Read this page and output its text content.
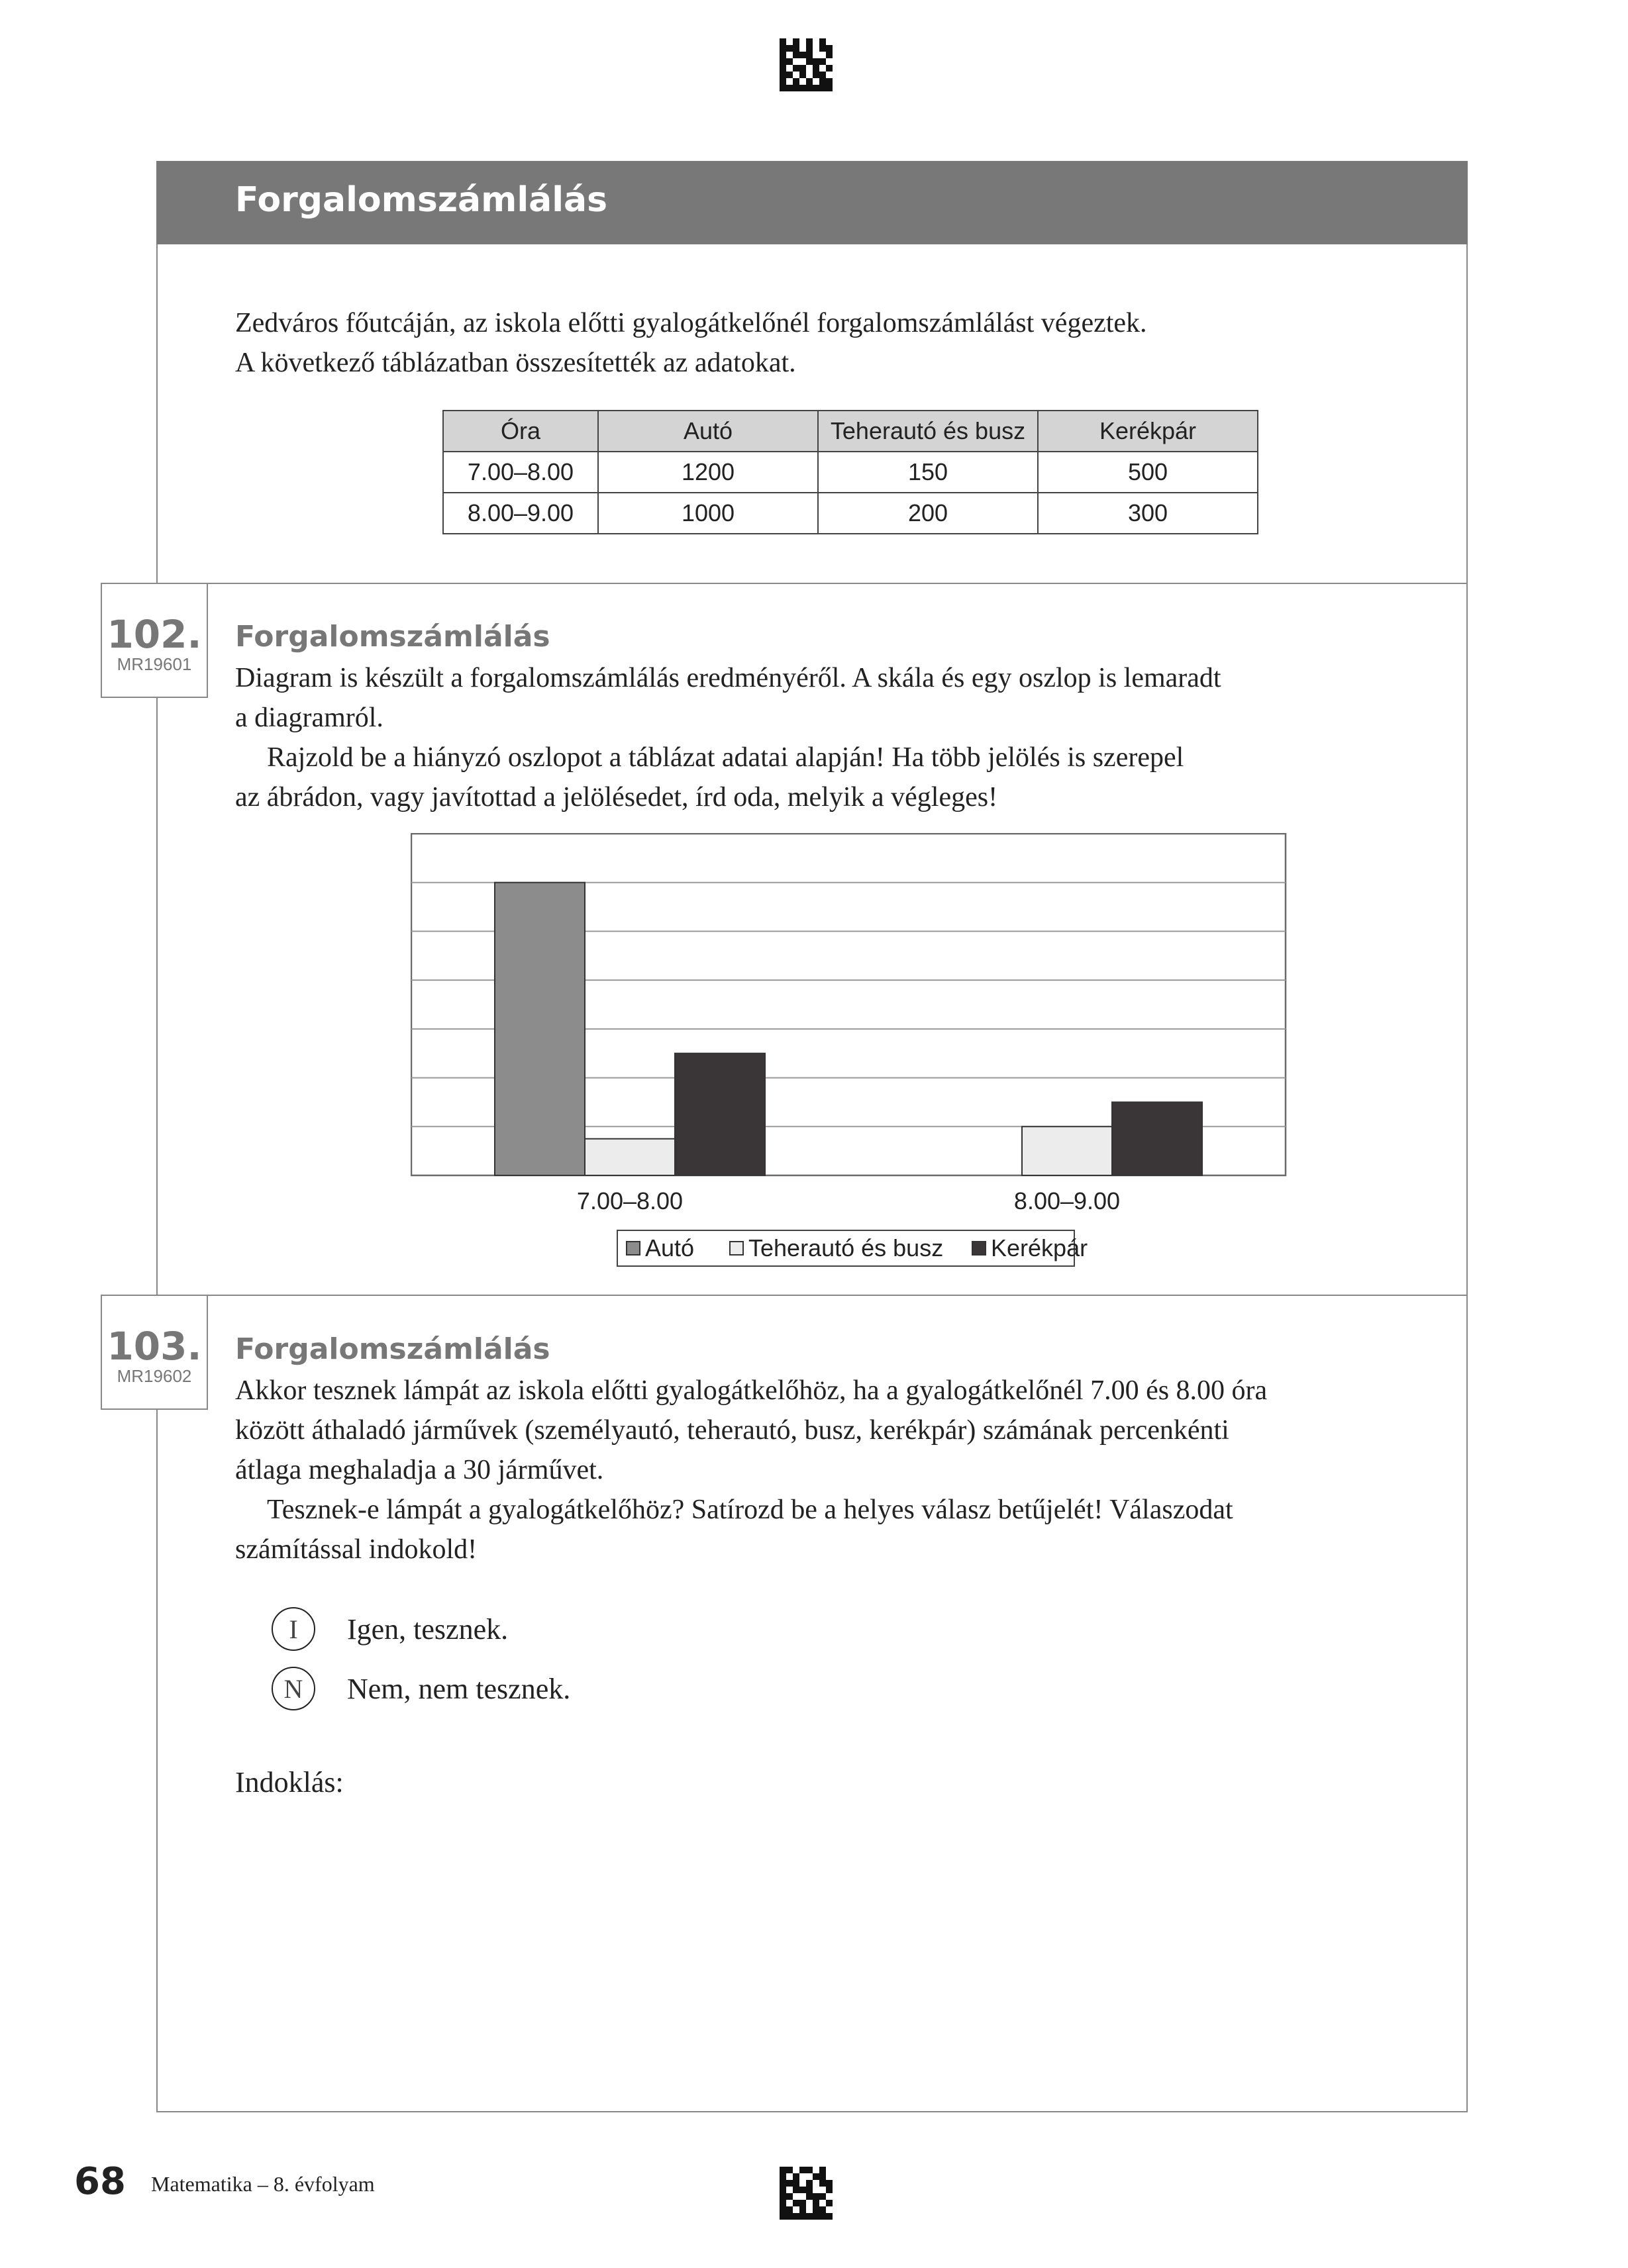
Forgalomszámlálás

Zedváros főutcáján, az iskola előtti gyalogátkelőnél forgalomszámlálást végeztek.

A következő táblázatban összesítették az adatokat.

Óra	Autó	Teherautó és busz	Kerékpár
7.00–8.00	1200	150	500
8.00–9.00	1000	200	300
102.
MR19601
Forgalomszámlálás

Diagram is készült a forgalomszámlálás eredményéről. A skála és egy oszlop is lemaradt

a diagramról.

Rajzold be a hiányzó oszlopot a táblázat adatai alapján! Ha több jelölés is szerepel

az ábrádon, vagy javítottad a jelölésedet, írd oda, melyik a végleges!

7.00–8.00	8.00–9.00
Autó Teherautó és busz Kerékpár
103.
MR19602
Forgalomszámlálás

Akkor tesznek lámpát az iskola előtti gyalogátkelőhöz, ha a gyalogátkelőnél 7.00 és 8.00 óra

között áthaladó járművek (személyautó, teherautó, busz, kerékpár) számának percenkénti

átlaga meghaladja a 30 járművet.

Tesznek-e lámpát a gyalogátkelőhöz? Satírozd be a helyes válasz betűjelét! Válaszodat

számítással indokold!

I	Igen, tesznek.
N	Nem, nem tesznek.

Indoklás:

68 Matematika – 8. évfolyam
